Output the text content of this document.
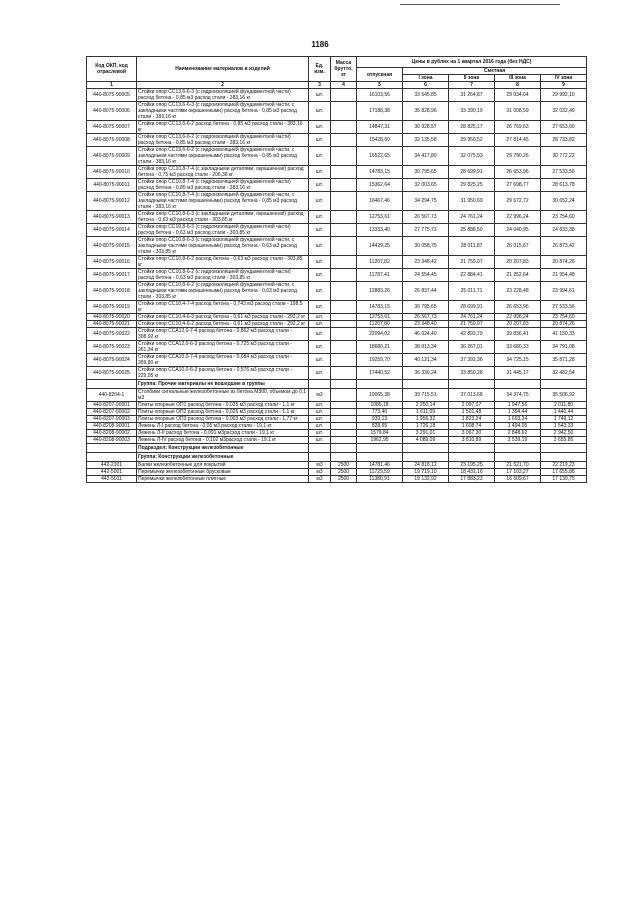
1186
Код ОКП, код отраслевой	Наименование материалов и изделий	Ед. изм.	Масса брутто, кг	Цены в рублях на 1 квартал 2016 года (без НДС)				
				отпускная	Сметная			
					I зона	II зона	III зона	IV зона
1	2	3	4	5	6	7	8	9
440-8075-90005	Стойки опор СС13,6-6-3 (с гидроизоляцией фундаментной части) расход бетона - 0,85 м3 расход стали - 383,16 кг	шт.		16103,56	33 545,85	31 264,87	29 034,64	29 992,10
440-8075-90006	Стойки опор СС13,6-6-3 (с гидроизоляцией фундаментной части, с закладными частями окрашенными) расход бетона - 0,85 м3 расход стали - 383,16 кг	шт.		17188,38	35 828,96	33 390,19	31 008,59	32 032,49
440-8075-90007	Стойки опор СС13,6-6-2 расход бетона - 0,85 м3 расход стали - 383,16 кг	шт.		14847,31	30 928,57	28 825,17	26 769,63	27 653,60
440-8075-90008	Стойки опор СС13,6-6-2 (с гидроизоляцией фундаментной части) расход бетона - 0,85 м3 расход стали - 383,16 кг	шт.		15428,60	32 135,58	29 950,52	27 814,45	28 733,82
440-8075-90009	Стойки опор СС13,6-6-2 (с гидроизоляцией фундаментной части, с закладными частями окрашенными) расход бетона - 0,85 м3 расход стали - 383,16 кг	шт.		16522,65	34 417,80	32 075,93	29 790,26	30 772,22
440-8075-90010	Стойки опор СС10,8-7-4 (с закладными деталями, окрашенная) расход бетона - 0,75 м3 расход стали - 206,38 кг	шт.		14783,15	30 795,65	28 699,91	26 653,96	27 533,56
440-8075-90011	Стойки опор СС10,8-7-4 (с гидроизоляцией фундаментной части) расход бетона - 0,85 м3 расход стали - 383,16 кг	шт.		15362,64	32 003,65	29 825,25	27 698,77	28 613,78
440-8075-90012	Стойки опор СС10,8-7-4 (с гидроизоляцией фундаментной части, с закладными частями окрашенными) расход бетона - 0,85 м3 расход стали - 383,16 кг	шт.		16467,46	34 294,75	31 950,69	29 672,72	30 652,24
440-8075-90013	Стойки опор СС10,8-6-3 (с закладными деталями, окрашенная) расход бетона - 0,63 м3 расход стали - 303,85 кг	шт.		12753,61	26 567,73	24 761,24	22 996,24	23 754,60
440-8075-90014	Стойки опор СС10,8-6-3 (с гидроизоляцией фундаментной части) расход бетона - 0,63 м3 расход стали - 303,85 кг	шт.		13333,40	27 775,73	25 886,50	24 040,95	24 833,38
440-8075-90015	Стойки опор СС10,8-6-3 (с гидроизоляцией фундаментной части, с закладными частями окрашенными) расход бетона - 0,63 м3 расход стали - 303,85 кг	шт.		14429,25	30 058,75	28 011,87	26 015,67	26 873,42
440-8075-90016	Стойки опор СС10,8-6-2 расход бетона - 0,63 м3 расход стали - 303,85 кг	шт.		11207,82	23 348,42	21 759,07	20 207,83	20 874,26
440-8075-90017	Стойки опор СС10,8-6-2 (с гидроизоляцией фундаментной части) расход бетона - 0,63 м3 расход стали - 303,85 кг	шт.		11787,41	24 554,45	22 884,41	21 252,64	21 954,48
440-8075-90018	Стойки опор СС10,8-6-2 (с гидроизоляцией фундаментной части, с закладными частями окрашенными) расход бетона - 0,63 м3 расход стали - 303,85 кг	шт.		12883,26	26 837,44	25 011,71	23 228,48	23 994,61
440-8075-90019	Стойки опор СС10,4-7-4 расход бетона - 0,743 м3 расход стали - 198,5 кг	шт.		14783,15	30 795,65	28 699,91	26 653,96	27 533,56
440-8075-90020	Стойки опор СС10,4-6-3 расход бетона - 0,61 м3 расход стали - 292,2 кг	шт.		12753,61	26 567,73	24 761,24	22 996,24	23 754,60
440-8075-90021	Стойки опор СС10,4-6-2 расход бетона - 0,61 м3 расход стали - 292,2 кг	шт.		11207,80	23 348,40	21 759,07	20 207,83	20 874,26
440-8075-90022	Стойки опор ССА12,0-7-4 расход бетона - 0,862 м3 расход стали - 308,92 кг	шт.		22094,02	46 024,40	42 893,79	39 836,41	41 150,33
440-8075-90023	Стойки опор ССА12,0-6-3 расход бетона - 0,725 м3 расход стали - 261,34 кг	шт.		18680,21	38 913,34	36 267,01	33 680,33	34 791,08
440-8075-90024	Стойки опор ССА10,0-7-4 расход бетона - 0,684 м3 расход стали - 269,80 кг	шт.		19259,70	40 121,34	37 392,36	34 725,15	35 871,28
440-8075-90025	Стойки опор ССА10,0-6-3 расход бетона - 0,576 м3 расход стали - 229,05 кг	шт.		17440,52	36 330,24	33 859,28	31 445,17	32 482,54
	Группа: Прочие материалы не вошедшие в группы							
440-8204-1	Столбики сигнальные железобетонные из бетона М300, объемом до 0,1 м3	м3		19065,38	39 715,51	37 013,68	34 374,75	35 506,92
440-8207-90001	Плиты опорные ОП1 расход бетона - 0,035 м3 расход стали - 1,1 кг	шт.		1080,18	2 250,14	2 097,07	1 947,56	2 011,80
440-8207-90002	Плиты опорные ОП2 расход бетона - 0,026 м3 расход стали - 1,1 кг	шт.		773,40	1 611,09	1 501,48	1 394,44	1 440,44
440-8207-90003	Плиты опорные ОП3 расход бетона - 0,003 м3 расход стали - 1,77 кг	шт.		939,13	1 956,32	1 823,24	1 693,24	1 749,12
440-8208-90001	Лежень Л-I расход бетона - 0,05 м3 расход стали - 19,1 кг	шт.		828,65	1 726,18	1 608,74	1 494,05	1 543,33
440-8208-90002	Лежень Л-II расход бетона - 0,091 м3расход стали - 19,1 кг	шт.		1579,84	3 291,01	3 067,30	2 848,62	2 942,50
440-8208-90003	Лежень Л-IV расход бетона - 0,102 м3расход стали - 19,1 кг	шт.		1962,95	4 089,09	3 810,89	3 539,19	3 655,85
	Подраздел: Конструкции железобетонные							
	Группа: Конструкции железобетонные							
442-2101	Балки железобетонные для покрытий	м3	2500	14781,46	24 818,12	23 195,25	21 521,70	22 219,23
442-5001	Перемычки железобетонные брусковые	м3	2500	11729,59	19 719,10	18 431,16	17 103,27	17 655,88
442-5011	Перемычки железобетонные плитные	м3	2500	11380,91	19 132,92	17 883,23	16 609,67	17 130,75
